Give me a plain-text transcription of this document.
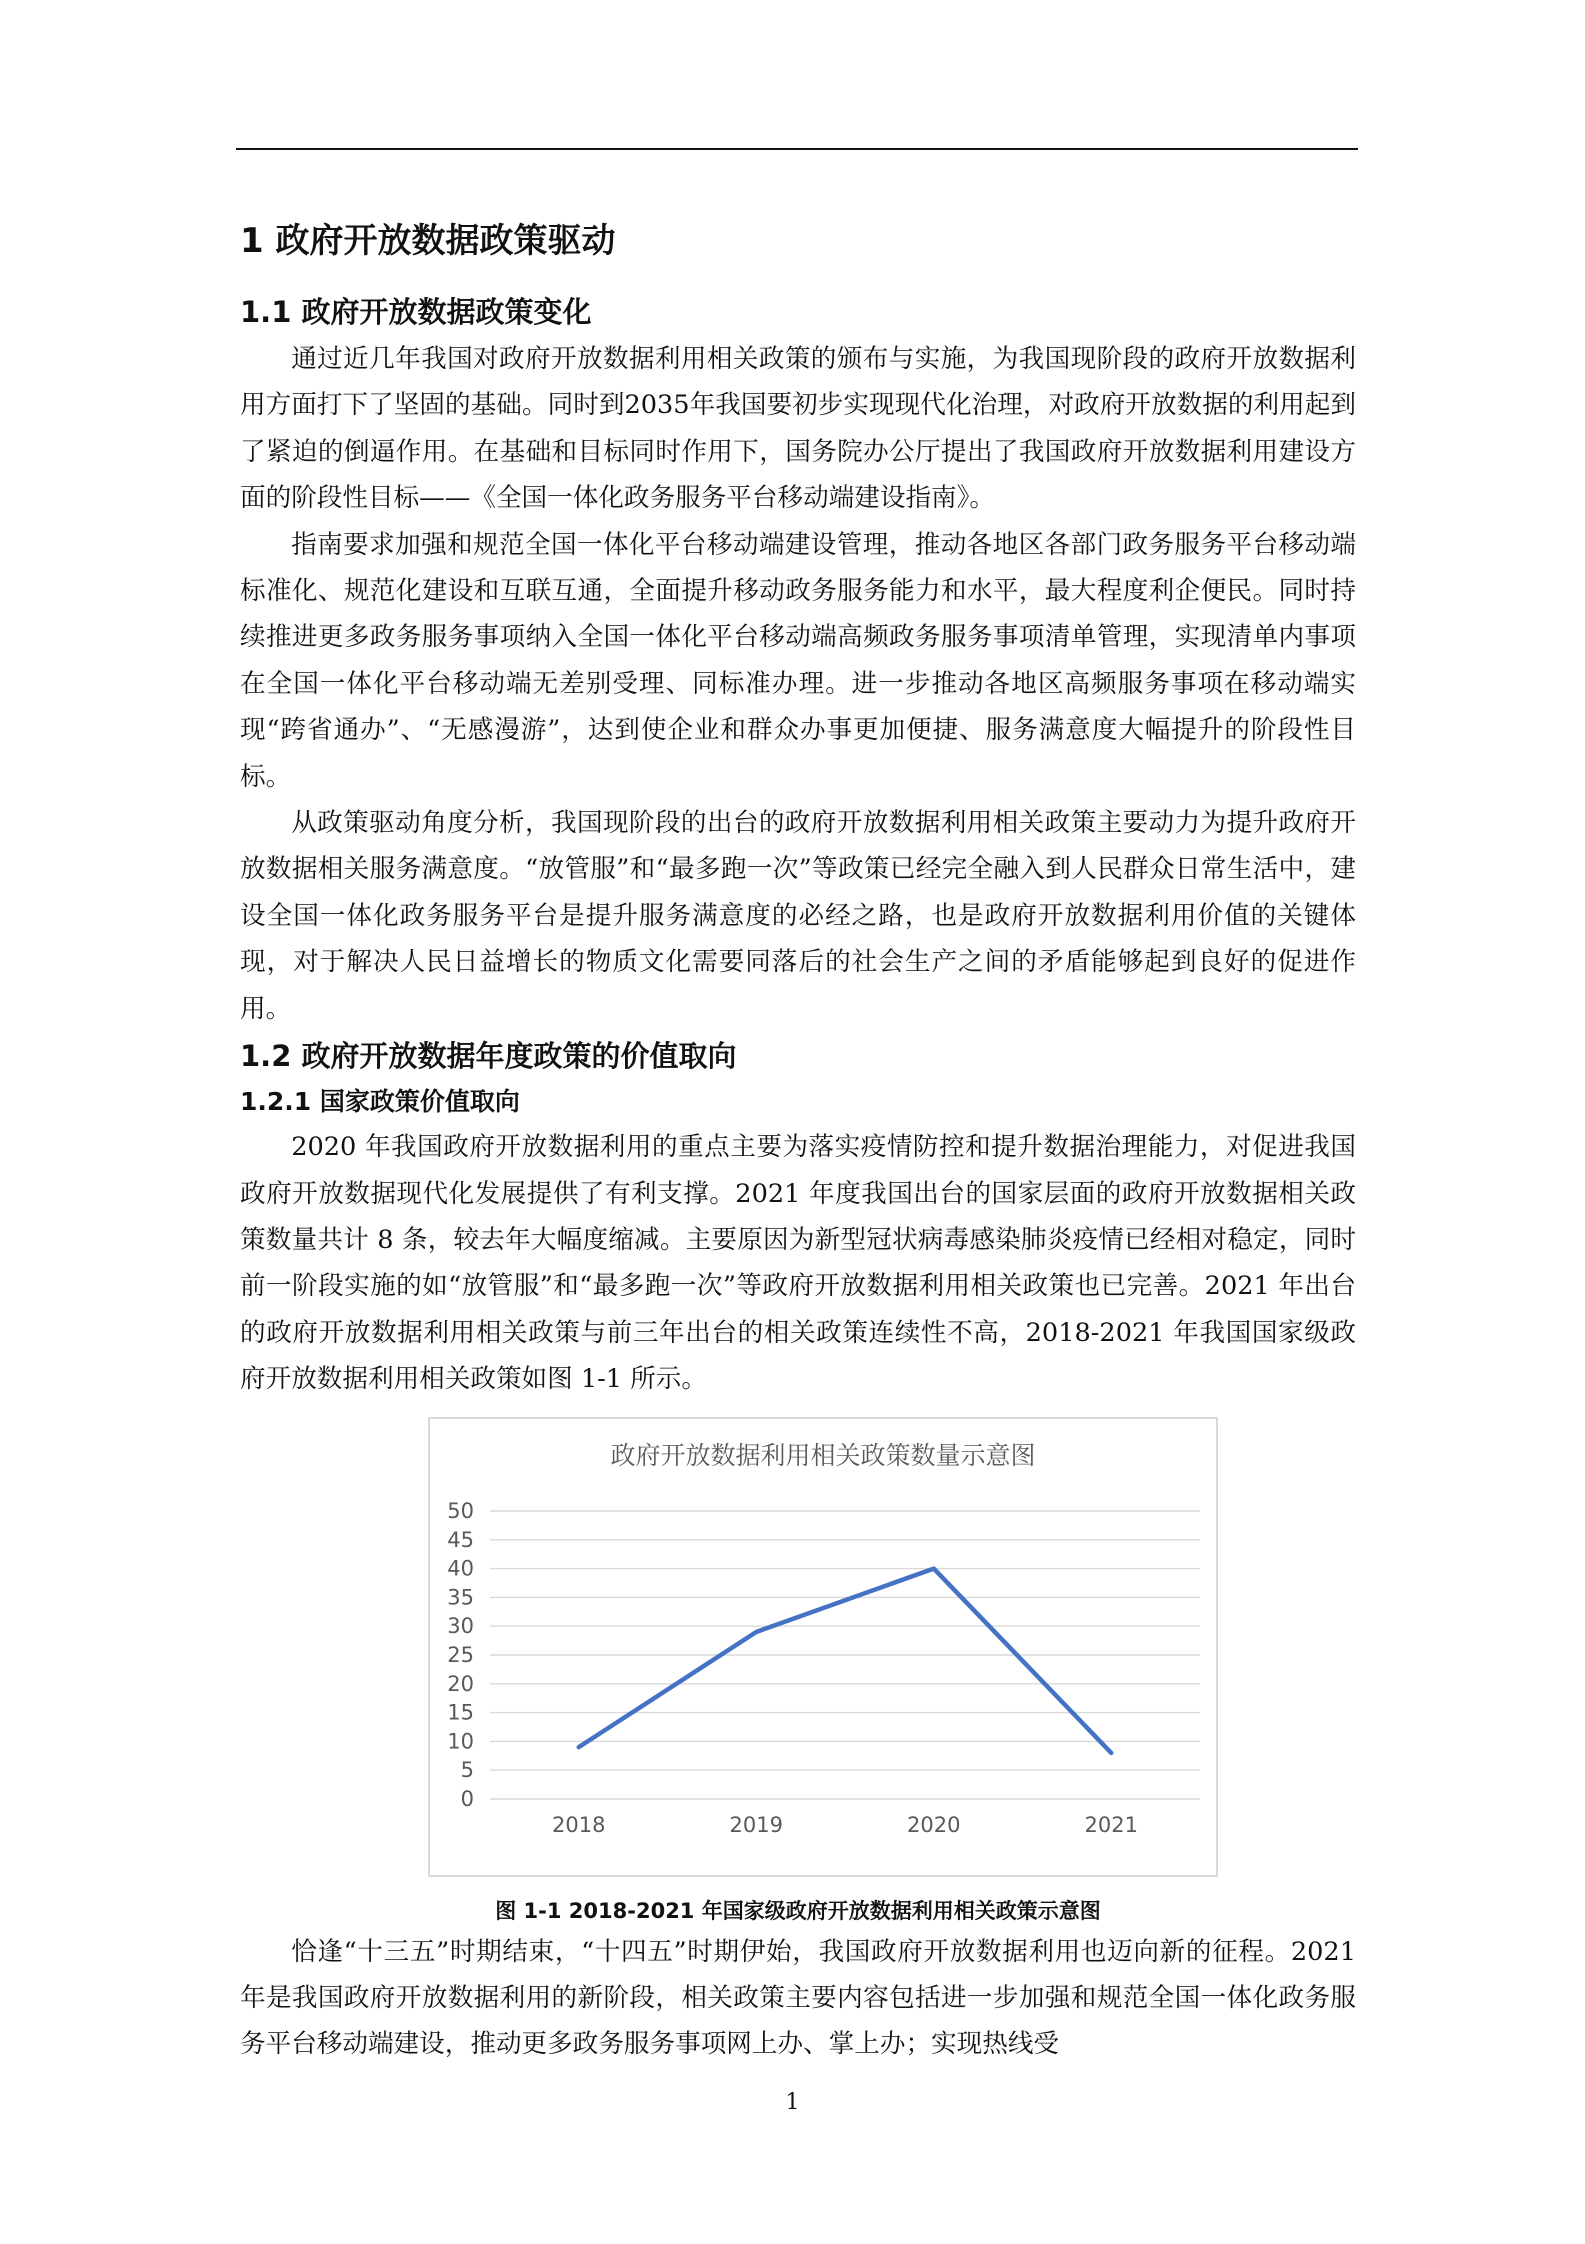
1 政府开放数据政策驱动
1.1 政府开放数据政策变化

通过近几年我国对政府开放数据利用相关政策的颁布与实施，为我国现阶段的政府开放数据利用方面打下了坚固的基础。同时到2035年我国要初步实现现代化治理，对政府开放数据的利用起到了紧迫的倒逼作用。在基础和目标同时作用下，国务院办公厅提出了我国政府开放数据利用建设方面的阶段性目标——《全国一体化政务服务平台移动端建设指南》。

指南要求加强和规范全国一体化平台移动端建设管理，推动各地区各部门政务服务平台移动端标准化、规范化建设和互联互通，全面提升移动政务服务能力和水平，最大程度利企便民。同时持续推进更多政务服务事项纳入全国一体化平台移动端高频政务服务事项清单管理，实现清单内事项在全国一体化平台移动端无差别受理、同标准办理。进一步推动各地区高频服务事项在移动端实现“跨省通办”、“无感漫游”，达到使企业和群众办事更加便捷、服务满意度大幅提升的阶段性目标。

从政策驱动角度分析，我国现阶段的出台的政府开放数据利用相关政策主要动力为提升政府开放数据相关服务满意度。“放管服”和“最多跑一次”等政策已经完全融入到人民群众日常生活中，建设全国一体化政务服务平台是提升服务满意度的必经之路，也是政府开放数据利用价值的关键体现，对于解决人民日益增长的物质文化需要同落后的社会生产之间的矛盾能够起到良好的促进作用。

1.2 政府开放数据年度政策的价值取向
1.2.1 国家政策价值取向

2020 年我国政府开放数据利用的重点主要为落实疫情防控和提升数据治理能力，对促进我国政府开放数据现代化发展提供了有利支撑。2021 年度我国出台的国家层面的政府开放数据相关政策数量共计 8 条，较去年大幅度缩减。主要原因为新型冠状病毒感染肺炎疫情已经相对稳定，同时前一阶段实施的如“放管服”和“最多跑一次”等政府开放数据利用相关政策也已完善。2021 年出台的政府开放数据利用相关政策与前三年出台的相关政策连续性不高，2018-2021 年我国国家级政府开放数据利用相关政策如图 1-1 所示。

政府开放数据利用相关政策数量示意图
0
5
10
15
20
25
30
35
40
45
50
2018	2019	2020	2021
图 1-1 2018-2021 年国家级政府开放数据利用相关政策示意图

恰逢“十三五”时期结束，“十四五”时期伊始，我国政府开放数据利用也迈向新的征程。2021 年是我国政府开放数据利用的新阶段，相关政策主要内容包括进一步加强和规范全国一体化政务服务平台移动端建设，推动更多政务服务事项网上办、掌上办；实现热线受

1
